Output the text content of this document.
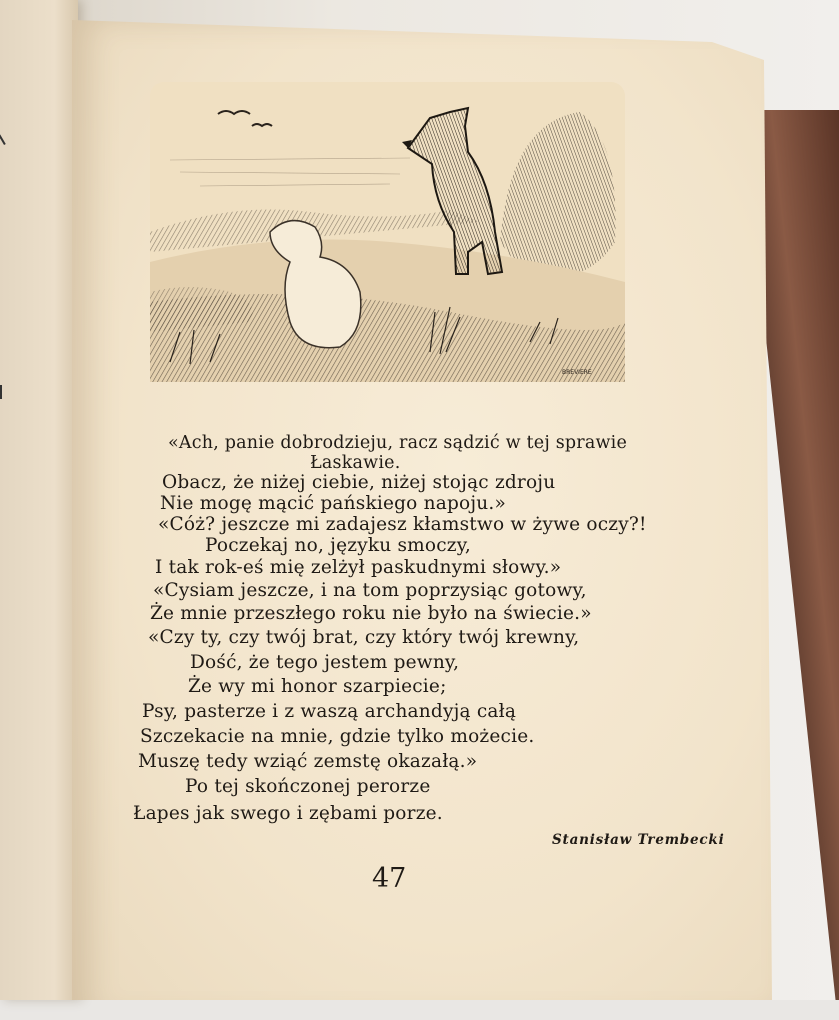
BREVIERE
«Ach, panie dobrodzieju, racz sądzić w tej sprawie
Łaskawie.
Obacz, że niżej ciebie, niżej stojąc zdroju
Nie mogę mącić pańskiego napoju.»
«Cóż? jeszcze mi zadajesz kłamstwo w żywe oczy?!
Poczekaj no, języku smoczy,
I tak rok-eś mię zelżył paskudnymi słowy.»
«Cysiam jeszcze, i na tom poprzysiąc gotowy,
Że mnie przeszłego roku nie było na świecie.»
«Czy ty, czy twój brat, czy który twój krewny,
Dość, że tego jestem pewny,
Że wy mi honor szarpiecie;
Psy, pasterze i z waszą archandyją całą
Szczekacie na mnie, gdzie tylko możecie.
Muszę tedy wziąć zemstę okazałą.»
Po tej skończonej perorze
Łapes jak swego i zębami porze.
Stanisław Trembecki
47
